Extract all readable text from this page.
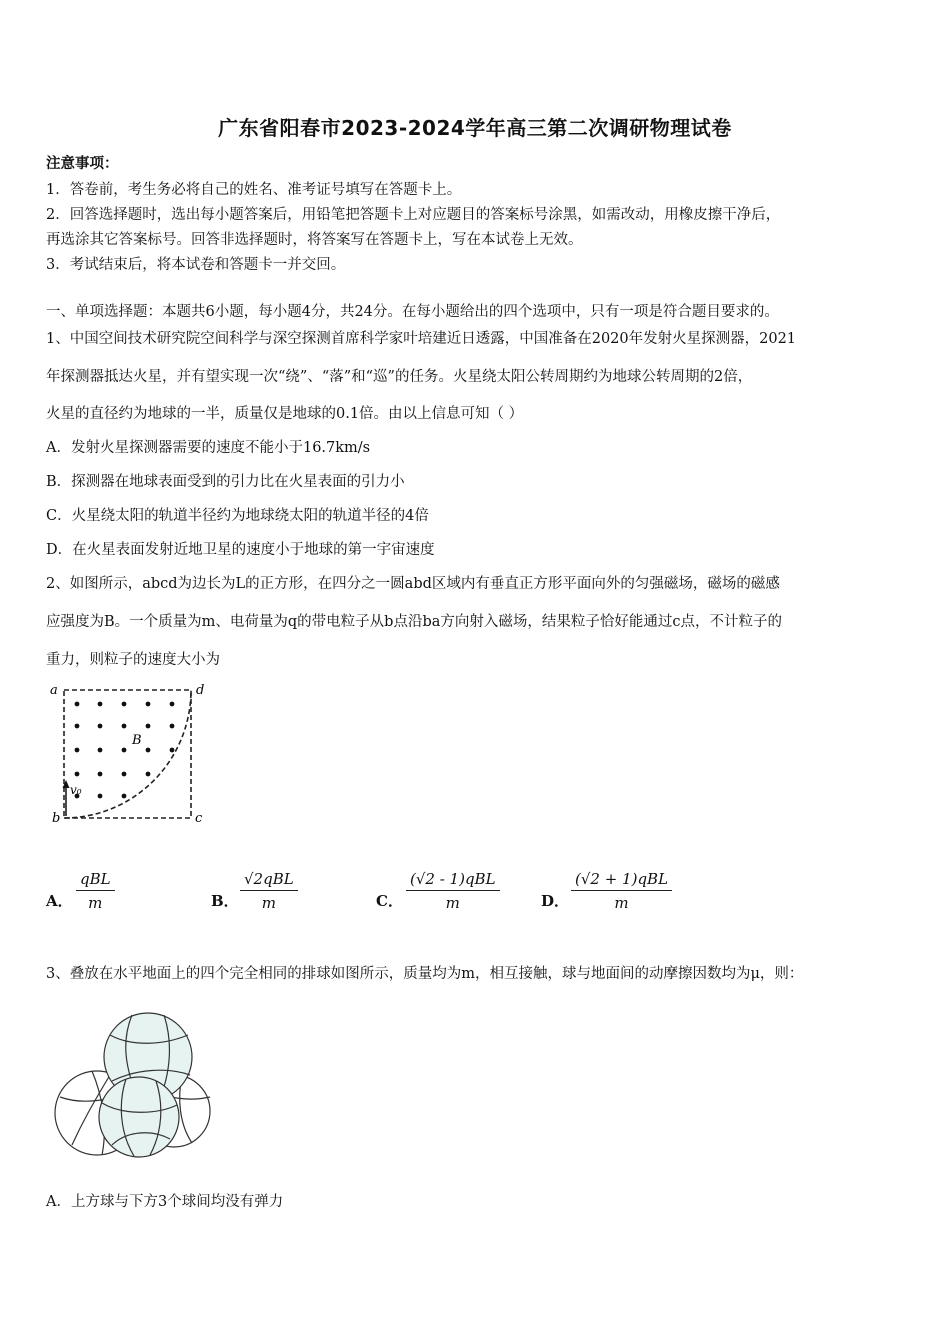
广东省阳春市2023-2024学年高三第二次调研物理试卷
注意事项：
1．答卷前，考生务必将自己的姓名、准考证号填写在答题卡上。
2．回答选择题时，选出每小题答案后，用铅笔把答题卡上对应题目的答案标号涂黑，如需改动，用橡皮擦干净后，
再选涂其它答案标号。回答非选择题时，将答案写在答题卡上，写在本试卷上无效。
3．考试结束后，将本试卷和答题卡一并交回。
一、单项选择题：本题共6小题，每小题4分，共24分。在每小题给出的四个选项中，只有一项是符合题目要求的。
1、中国空间技术研究院空间科学与深空探测首席科学家叶培建近日透露，中国准备在2020年发射火星探测器，2021
年探测器抵达火星，并有望实现一次“绕”、“落”和“巡”的任务。火星绕太阳公转周期约为地球公转周期的2倍，
火星的直径约为地球的一半，质量仅是地球的0.1倍。由以上信息可知（ ）
A．发射火星探测器需要的速度不能小于16.7km/s
B．探测器在地球表面受到的引力比在火星表面的引力小
C．火星绕太阳的轨道半径约为地球绕太阳的轨道半径的4倍
D．在火星表面发射近地卫星的速度小于地球的第一宇宙速度
2、如图所示，abcd为边长为L的正方形，在四分之一圆abd区域内有垂直正方形平面向外的匀强磁场，磁场的磁感
应强度为B。一个质量为m、电荷量为q的带电粒子从b点沿ba方向射入磁场，结果粒子恰好能通过c点，不计粒子的
重力，则粒子的速度大小为
a	d
b	c
B
v₀
A．
qBL
m	B．
√2qBL
m	C．
(√2 - 1)qBL
m	D．
(√2 + 1)qBL
m
3、叠放在水平地面上的四个完全相同的排球如图所示，质量均为m，相互接触，球与地面间的动摩擦因数均为μ，则：
A．上方球与下方3个球间均没有弹力
